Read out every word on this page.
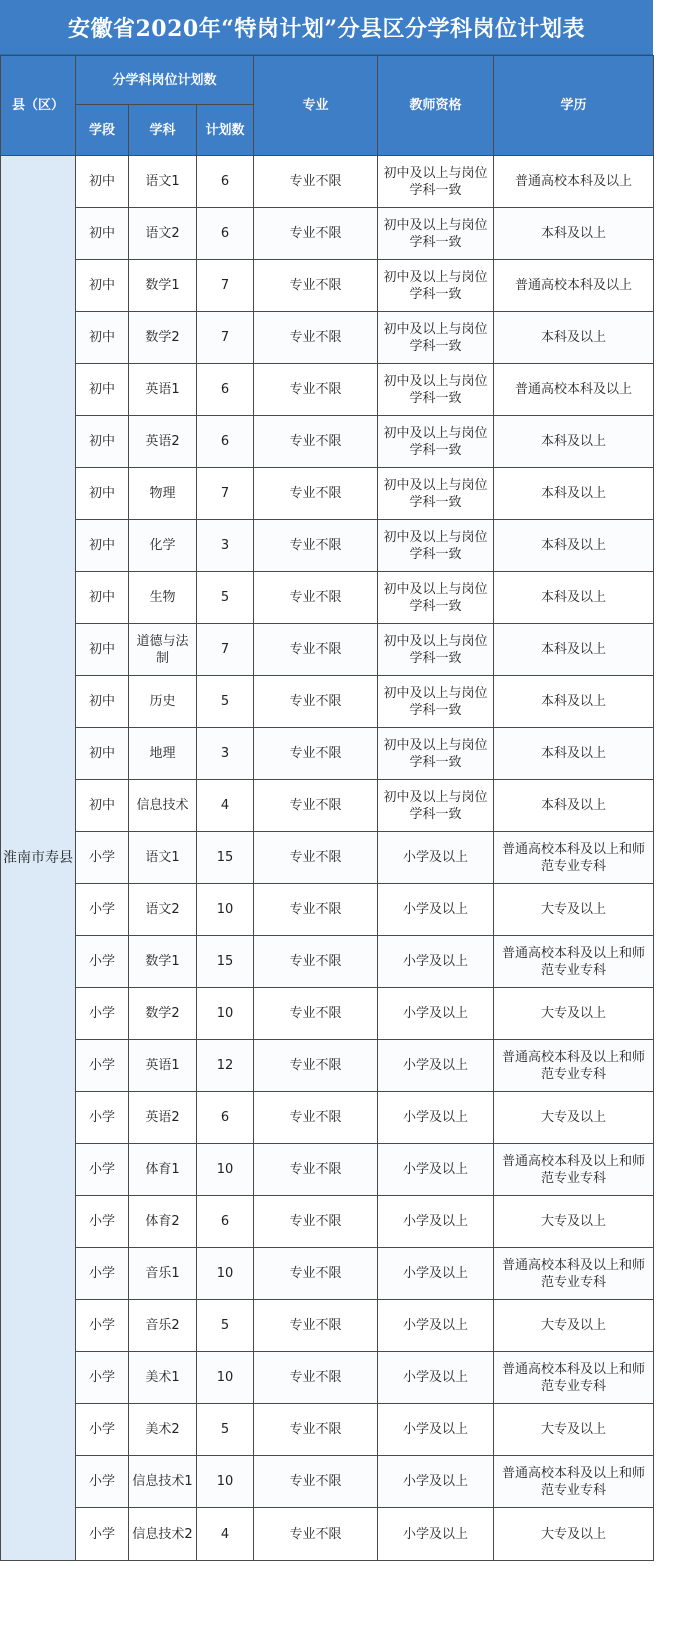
安徽省2020年“特岗计划”分县区分学科岗位计划表
县（区）	分学科岗位计划数			专业	教师资格	学历
	学段	学科	计划数			
淮南市寿县	初中	语文1	6	专业不限	初中及以上与岗位学科一致	普通高校本科及以上
	初中	语文2	6	专业不限	初中及以上与岗位学科一致	本科及以上
	初中	数学1	7	专业不限	初中及以上与岗位学科一致	普通高校本科及以上
	初中	数学2	7	专业不限	初中及以上与岗位学科一致	本科及以上
	初中	英语1	6	专业不限	初中及以上与岗位学科一致	普通高校本科及以上
	初中	英语2	6	专业不限	初中及以上与岗位学科一致	本科及以上
	初中	物理	7	专业不限	初中及以上与岗位学科一致	本科及以上
	初中	化学	3	专业不限	初中及以上与岗位学科一致	本科及以上
	初中	生物	5	专业不限	初中及以上与岗位学科一致	本科及以上
	初中	道德与法制	7	专业不限	初中及以上与岗位学科一致	本科及以上
	初中	历史	5	专业不限	初中及以上与岗位学科一致	本科及以上
	初中	地理	3	专业不限	初中及以上与岗位学科一致	本科及以上
	初中	信息技术	4	专业不限	初中及以上与岗位学科一致	本科及以上
	小学	语文1	15	专业不限	小学及以上	普通高校本科及以上和师范专业专科
	小学	语文2	10	专业不限	小学及以上	大专及以上
	小学	数学1	15	专业不限	小学及以上	普通高校本科及以上和师范专业专科
	小学	数学2	10	专业不限	小学及以上	大专及以上
	小学	英语1	12	专业不限	小学及以上	普通高校本科及以上和师范专业专科
	小学	英语2	6	专业不限	小学及以上	大专及以上
	小学	体育1	10	专业不限	小学及以上	普通高校本科及以上和师范专业专科
	小学	体育2	6	专业不限	小学及以上	大专及以上
	小学	音乐1	10	专业不限	小学及以上	普通高校本科及以上和师范专业专科
	小学	音乐2	5	专业不限	小学及以上	大专及以上
	小学	美术1	10	专业不限	小学及以上	普通高校本科及以上和师范专业专科
	小学	美术2	5	专业不限	小学及以上	大专及以上
	小学	信息技术1	10	专业不限	小学及以上	普通高校本科及以上和师范专业专科
	小学	信息技术2	4	专业不限	小学及以上	大专及以上
